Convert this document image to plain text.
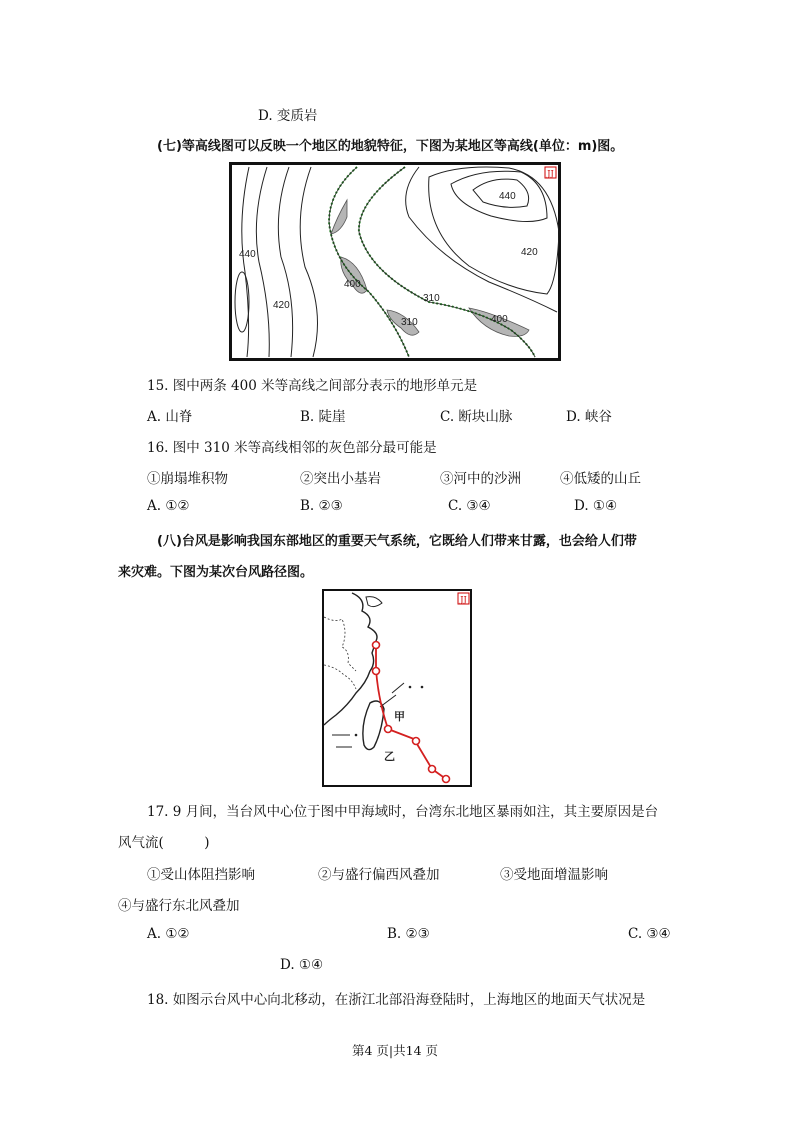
D. 变质岩
(七)等高线图可以反映一个地区的地貌特征，下图为某地区等高线(单位：m)图。
JJ
440
420
400
310
310
400
440
420
15. 图中两条 400 米等高线之间部分表示的地形单元是
A. 山脊	B. 陡崖	C. 断块山脉	D. 峡谷
16. 图中 310 米等高线相邻的灰色部分最可能是
①崩塌堆积物	②突出小基岩	③河中的沙洲	④低矮的山丘
A. ①②	B. ②③	C. ③④	D. ①④
(八)台风是影响我国东部地区的重要天气系统，它既给人们带来甘露，也会给人们带
来灾难。下图为某次台风路径图。
甲
乙
JJ
17. 9 月间，当台风中心位于图中甲海域时，台湾东北地区暴雨如注，其主要原因是台
风气流(　　　)
①受山体阻挡影响	②与盛行偏西风叠加	③受地面增温影响
④与盛行东北风叠加
A. ①②	B. ②③	C. ③④
D. ①④
18. 如图示台风中心向北移动，在浙江北部沿海登陆时，上海地区的地面天气状况是
第4 页|共14 页
